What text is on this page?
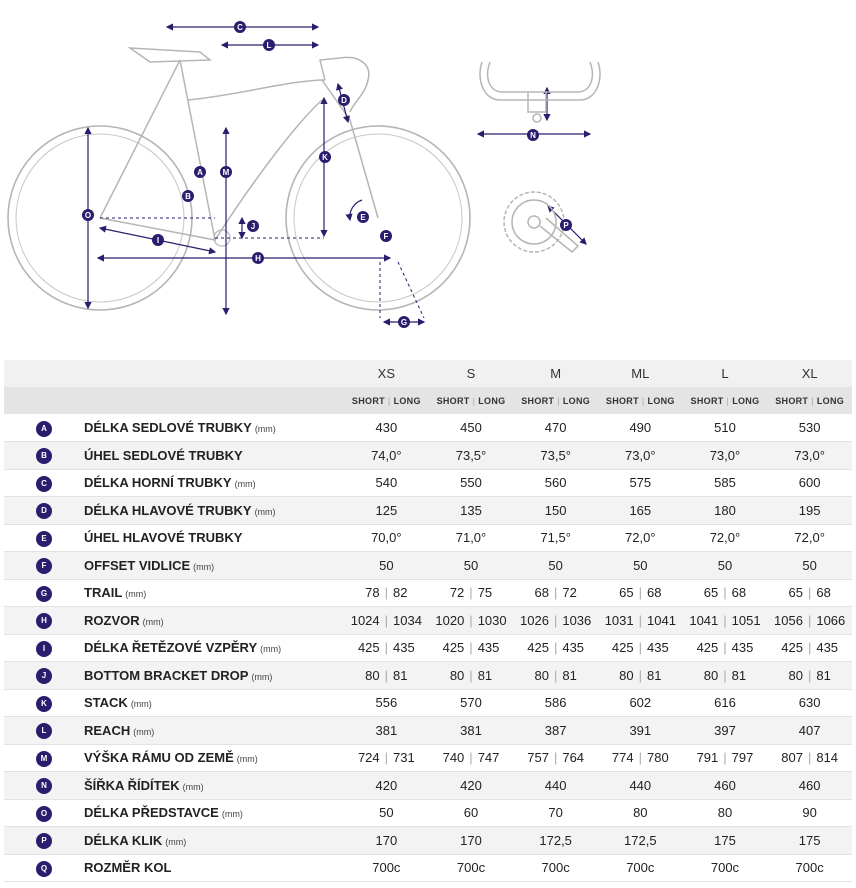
A
B
C
D
E
F
G
H
I
J
K
L
M
N
O
P
		XS	S	M	ML	L	XL
		SHORT | LONG	SHORT | LONG	SHORT | LONG	SHORT | LONG	SHORT | LONG	SHORT | LONG
A	DÉLKA SEDLOVÉ TRUBKY (mm)	430	450	470	490	510	530
B	ÚHEL SEDLOVÉ TRUBKY	74,0°	73,5°	73,5°	73,0°	73,0°	73,0°
C	DÉLKA HORNÍ TRUBKY (mm)	540	550	560	575	585	600
D	DÉLKA HLAVOVÉ TRUBKY (mm)	125	135	150	165	180	195
E	ÚHEL HLAVOVÉ TRUBKY	70,0°	71,0°	71,5°	72,0°	72,0°	72,0°
F	OFFSET VIDLICE (mm)	50	50	50	50	50	50
G	TRAIL (mm)	78 | 82	72 | 75	68 | 72	65 | 68	65 | 68	65 | 68
H	ROZVOR (mm)	1024 | 1034	1020 | 1030	1026 | 1036	1031 | 1041	1041 | 1051	1056 | 1066
I	DÉLKA ŘETĚZOVÉ VZPĚRY (mm)	425 | 435	425 | 435	425 | 435	425 | 435	425 | 435	425 | 435
J	BOTTOM BRACKET DROP (mm)	80 | 81	80 | 81	80 | 81	80 | 81	80 | 81	80 | 81
K	STACK (mm)	556	570	586	602	616	630
L	REACH (mm)	381	381	387	391	397	407
M	VÝŠKA RÁMU OD ZEMĚ (mm)	724 | 731	740 | 747	757 | 764	774 | 780	791 | 797	807 | 814
N	ŠÍŘKA ŘÍDÍTEK (mm)	420	420	440	440	460	460
O	DÉLKA PŘEDSTAVCE (mm)	50	60	70	80	80	90
P	DÉLKA KLIK (mm)	170	170	172,5	172,5	175	175
Q	ROZMĚR KOL	700c	700c	700c	700c	700c	700c
